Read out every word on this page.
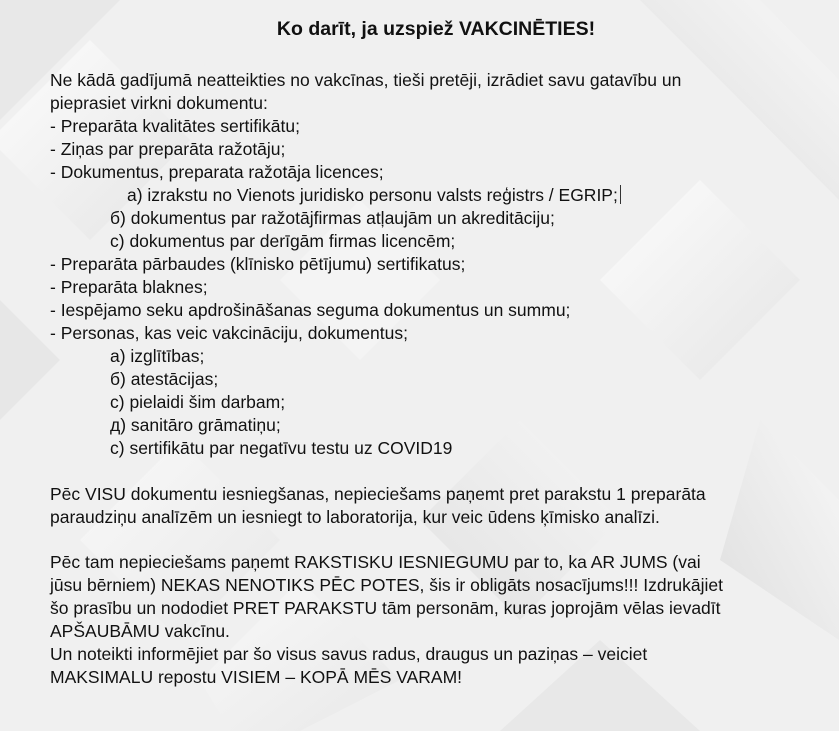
Ko darīt, ja uzspiež VAKCINĒTIES!
Ne kādā gadījumā neatteikties no vakcīnas, tieši pretēji, izrādiet savu gatavību un
pieprasiet virkni dokumentu:
- Preparāta kvalitātes sertifikātu;
- Ziņas par preparāta ražotāju;
- Dokumentus, preparata ražotāja licences;
a) izrakstu no Vienots juridisko personu valsts reģistrs / EGRIP;
б) dokumentus par ražotājfirmas atļaujām un akreditāciju;
c) dokumentus par derīgām firmas licencēm;
- Preparāta pārbaudes (klīnisko pētījumu) sertifikatus;
- Preparāta blaknes;
- Iespējamo seku apdrošināšanas seguma dokumentus un summu;
- Personas, kas veic vakcināciju, dokumentus;
a) izglītības;
б) atestācijas;
c) pielaidi šim darbam;
д) sanitāro grāmatiņu;
c) sertifikātu par negatīvu testu uz COVID19
Pēc VISU dokumentu iesniegšanas, nepieciešams paņemt pret parakstu 1 preparāta
paraudziņu analīzēm un iesniegt to laboratorija, kur veic ūdens ķīmisko analīzi.
Pēc tam nepieciešams paņemt RAKSTISKU IESNIEGUMU par to, ka AR JUMS (vai
jūsu bērniem) NEKAS NENOTIKS PĒC POTES, šis ir obligāts nosacījums!!! Izdrukājiet
šo prasību un nododiet PRET PARAKSTU tām personām, kuras joprojām vēlas ievadīt
APŠAUBĀMU vakcīnu.
Un noteikti informējiet par šo visus savus radus, draugus un paziņas – veiciet
MAKSIMALU repostu VISIEM – KOPĀ MĒS VARAM!
